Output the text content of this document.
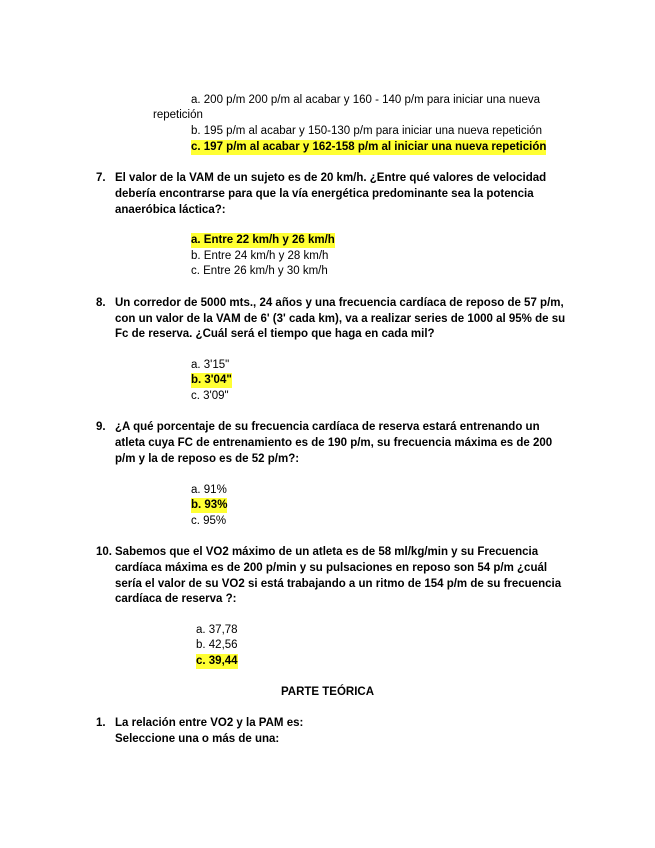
a. 200 p/m 200 p/m al acabar y 160 - 140 p/m para iniciar una nueva
repetición
b. 195 p/m al acabar y 150-130 p/m para iniciar una nueva repetición
c. 197 p/m al acabar y 162-158 p/m al iniciar una nueva repetición
7. El valor de la VAM de un sujeto es de 20 km/h. ¿Entre qué valores de velocidad
debería encontrarse para que la vía energética predominante sea la potencia
anaeróbica láctica?:
a. Entre 22 km/h y 26 km/h
b. Entre 24 km/h y 28 km/h
c. Entre 26 km/h y 30 km/h
8. Un corredor de 5000 mts., 24 años y una frecuencia cardíaca de reposo de 57 p/m,
con un valor de la VAM de 6' (3' cada km), va a realizar series de 1000 al 95% de su
Fc de reserva. ¿Cuál será el tiempo que haga en cada mil?
a. 3'15"
b. 3'04"
c. 3'09"
9. ¿A qué porcentaje de su frecuencia cardíaca de reserva estará entrenando un
atleta cuya FC de entrenamiento es de 190 p/m, su frecuencia máxima es de 200
p/m y la de reposo es de 52 p/m?:
a. 91%
b. 93%
c. 95%
10. Sabemos que el VO2 máximo de un atleta es de 58 ml/kg/min y su Frecuencia
cardíaca máxima es de 200 p/min y su pulsaciones en reposo son 54 p/m ¿cuál
sería el valor de su VO2 si está trabajando a un ritmo de 154 p/m de su frecuencia
cardíaca de reserva ?:
a. 37,78
b. 42,56
c. 39,44
PARTE TEÓRICA
1. La relación entre VO2 y la PAM es:
Seleccione una o más de una:
